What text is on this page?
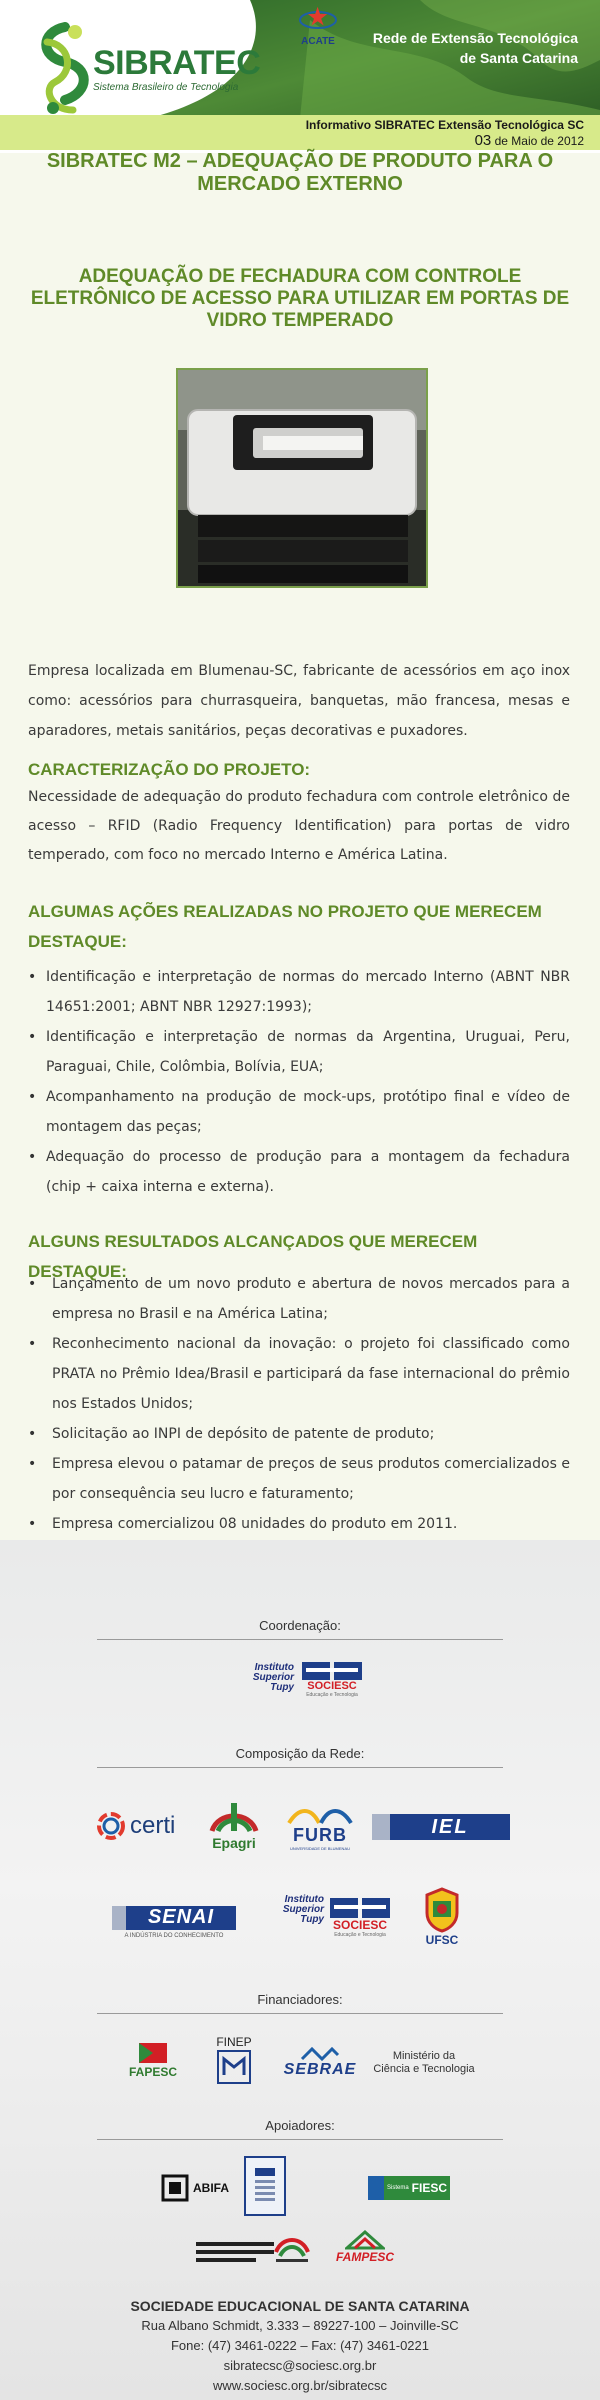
SIBRATEC
Sistema Brasileiro de Tecnologia
Rede de Extensão Tecnológica
de Santa Catarina
Informativo SIBRATEC Extensão Tecnológica SC
03 de Maio de 2012
SIBRATEC M2 – ADEQUAÇÃO DE PRODUTO PARA O MERCADO EXTERNO
ADEQUAÇÃO DE FECHADURA COM CONTROLE ELETRÔNICO DE ACESSO PARA UTILIZAR EM PORTAS DE VIDRO TEMPERADO
Empresa localizada em Blumenau-SC, fabricante de acessórios em aço inox como: acessórios para churrasqueira, banquetas, mão francesa, mesas e aparadores, metais sanitários, peças decorativas e puxadores.
CARACTERIZAÇÃO DO PROJETO:
Necessidade de adequação do produto fechadura com controle eletrônico de acesso – RFID (Radio Frequency Identification) para portas de vidro temperado, com foco no mercado Interno e América Latina.
ALGUMAS AÇÕES REALIZADAS NO PROJETO QUE MERECEM DESTAQUE:
• Identificação e interpretação de normas do mercado Interno (ABNT NBR 14651:2001; ABNT NBR 12927:1993);
• Identificação e interpretação de normas da Argentina, Uruguai, Peru, Paraguai, Chile, Colômbia, Bolívia, EUA;
• Acompanhamento na produção de mock-ups, protótipo final e vídeo de montagem das peças;
• Adequação do processo de produção para a montagem da fechadura (chip + caixa interna e externa).
ALGUNS RESULTADOS ALCANÇADOS QUE MERECEM DESTAQUE:
• Lançamento de um novo produto e abertura de novos mercados para a empresa no Brasil e na América Latina;
• Reconhecimento nacional da inovação: o projeto foi classificado como PRATA no Prêmio Idea/Brasil e participará da fase internacional do prêmio nos Estados Unidos;
• Solicitação ao INPI de depósito de patente de produto;
• Empresa elevou o patamar de preços de seus produtos comercializados e por consequência seu lucro e faturamento;
• Empresa comercializou 08 unidades do produto em 2011.
Coordenação:
Instituto
Superior
Tupy SOCIESC
Educação e Tecnologia
Composição da Rede:
certi
Epagri FURB
UNIVERSIDADE DE BLUMENAU
IEL
SENAI
A INDÚSTRIA DO CONHECIMENTO
Instituto
Superior
Tupy SOCIESC
Educação e Tecnologia	UFSC
Financiadores:
FAPESC
FINEP
SEBRAE
Ministério da
Ciência e Tecnologia
Apoiadores:
ABIFA
ACATE
Sistema FIESC
FAMPESC
SOCIEDADE EDUCACIONAL DE SANTA CATARINA
Rua Albano Schmidt, 3.333 – 89227-100 – Joinville-SC
Fone: (47) 3461-0222 – Fax: (47) 3461-0221
sibratecsc@sociesc.org.br
www.sociesc.org.br/sibratecsc
